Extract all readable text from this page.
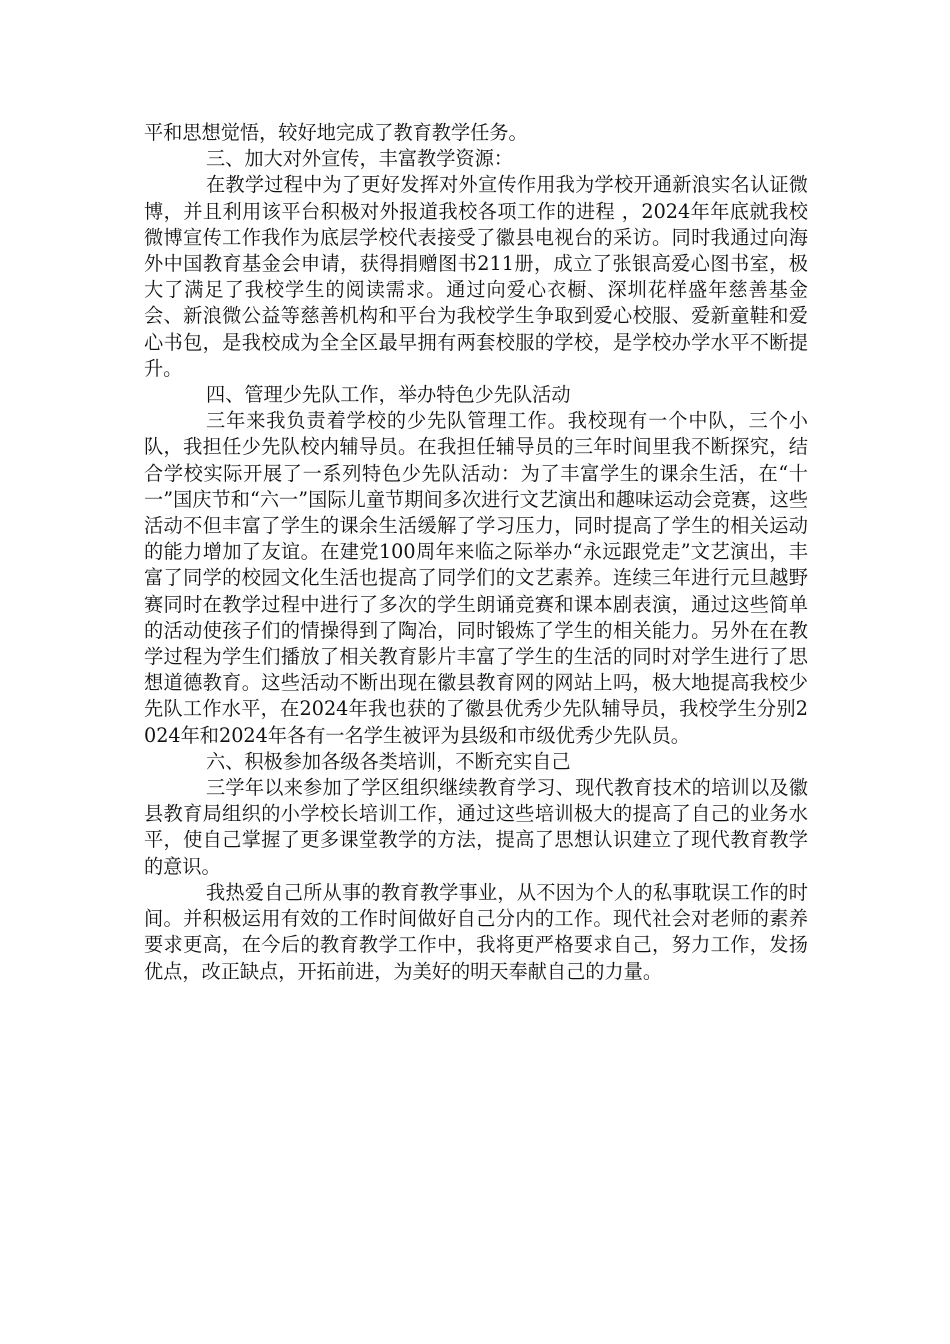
平和思想觉悟，较好地完成了教育教学任务。

三、加大对外宣传，丰富教学资源：

在教学过程中为了更好发挥对外宣传作用我为学校开通新浪实名认证微博，并且利用该平台积极对外报道我校各项工作的进程 ，2024年年底就我校微博宣传工作我作为底层学校代表接受了徽县电视台的采访。同时我通过向海外中国教育基金会申请，获得捐赠图书211册，成立了张银高爱心图书室，极大了满足了我校学生的阅读需求。通过向爱心衣橱、深圳花样盛年慈善基金会、新浪微公益等慈善机构和平台为我校学生争取到爱心校服、爱新童鞋和爱心书包，是我校成为全全区最早拥有两套校服的学校，是学校办学水平不断提升。

四、管理少先队工作，举办特色少先队活动

三年来我负责着学校的少先队管理工作。我校现有一个中队，三个小队，我担任少先队校内辅导员。在我担任辅导员的三年时间里我不断探究，结合学校实际开展了一系列特色少先队活动：为了丰富学生的课余生活，在“十一”国庆节和“六一”国际儿童节期间多次进行文艺演出和趣味运动会竞赛，这些活动不但丰富了学生的课余生活缓解了学习压力，同时提高了学生的相关运动的能力增加了友谊。在建党100周年来临之际举办“永远跟党走”文艺演出，丰富了同学的校园文化生活也提高了同学们的文艺素养。连续三年进行元旦越野赛同时在教学过程中进行了多次的学生朗诵竞赛和课本剧表演，通过这些简单的活动使孩子们的情操得到了陶冶，同时锻炼了学生的相关能力。另外在在教学过程为学生们播放了相关教育影片丰富了学生的生活的同时对学生进行了思想道德教育。这些活动不断出现在徽县教育网的网站上吗，极大地提高我校少先队工作水平，在2024年我也获的了徽县优秀少先队辅导员，我校学生分别2024年和2024年各有一名学生被评为县级和市级优秀少先队员。

六、积极参加各级各类培训，不断充实自己

三学年以来参加了学区组织继续教育学习、现代教育技术的培训以及徽县教育局组织的小学校长培训工作，通过这些培训极大的提高了自己的业务水平，使自己掌握了更多课堂教学的方法，提高了思想认识建立了现代教育教学的意识。

我热爱自己所从事的教育教学事业，从不因为个人的私事耽误工作的时间。并积极运用有效的工作时间做好自己分内的工作。现代社会对老师的素养要求更高，在今后的教育教学工作中，我将更严格要求自己，努力工作，发扬优点，改正缺点，开拓前进，为美好的明天奉献自己的力量。
